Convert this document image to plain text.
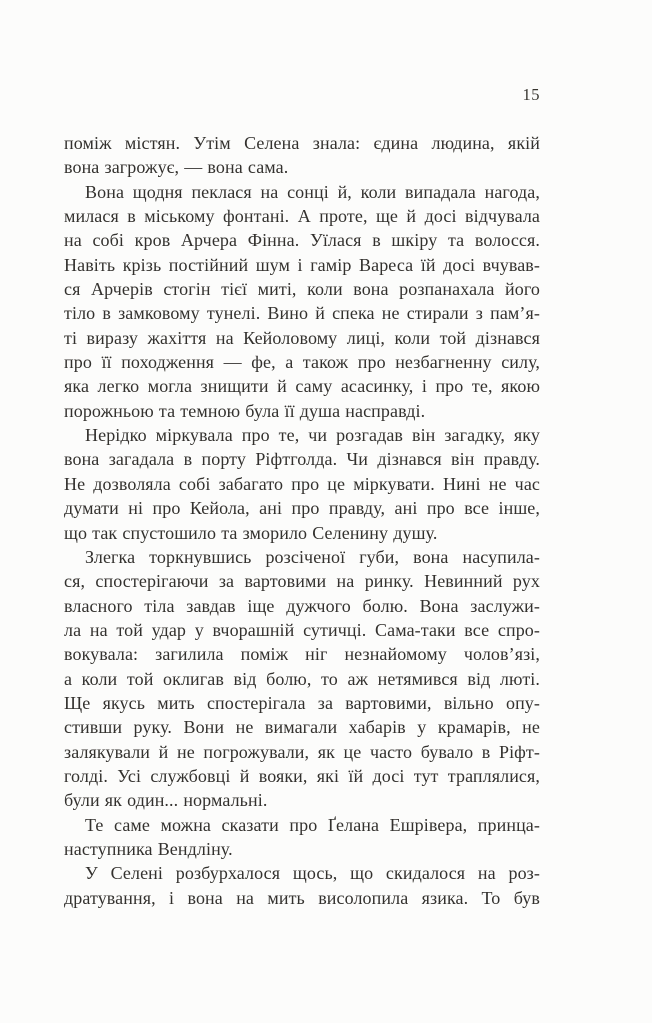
15
поміж містян. Утім Селена знала: єдина людина, якій
вона загрожує, — вона сама.
Вона щодня пеклася на сонці й, коли випадала нагода,
милася в міському фонтані. А проте, ще й досі відчувала
на собі кров Арчера Фінна. Уїлася в шкіру та волосся.
Навіть крізь постійний шум і гамір Вареса їй досі вчував-
ся Арчерів стогін тієї миті, коли вона розпанахала його
тіло в замковому тунелі. Вино й спека не стирали з пам’я-
ті виразу жахіття на Кейоловому лиці, коли той дізнався
про її походження — фе, а також про незбагненну силу,
яка легко могла знищити й саму асасинку, і про те, якою
порожньою та темною була її душа насправді.
Нерідко міркувала про те, чи розгадав він загадку, яку
вона загадала в порту Ріфтголда. Чи дізнався він правду.
Не дозволяла собі забагато про це міркувати. Нині не час
думати ні про Кейола, ані про правду, ані про все інше,
що так спустошило та зморило Селенину душу.
Злегка торкнувшись розсіченої губи, вона насупила-
ся, спостерігаючи за вартовими на ринку. Невинний рух
власного тіла завдав іще дужчого болю. Вона заслужи-
ла на той удар у вчорашній сутичці. Сама-таки все спро-
вокувала: загилила поміж ніг незнайомому чолов’язі,
а коли той оклигав від болю, то аж нетямився від люті.
Ще якусь мить спостерігала за вартовими, вільно опу-
стивши руку. Вони не вимагали хабарів у крамарів, не
залякували й не погрожували, як це часто бувало в Ріфт-
голді. Усі службовці й вояки, які їй досі тут траплялися,
були як один... нормальні.
Те саме можна сказати про Ґелана Ешрівера, принца-
наступника Вендліну.
У Селені розбурхалося щось, що скидалося на роз-
дратування, і вона на мить висолопила язика. То був
